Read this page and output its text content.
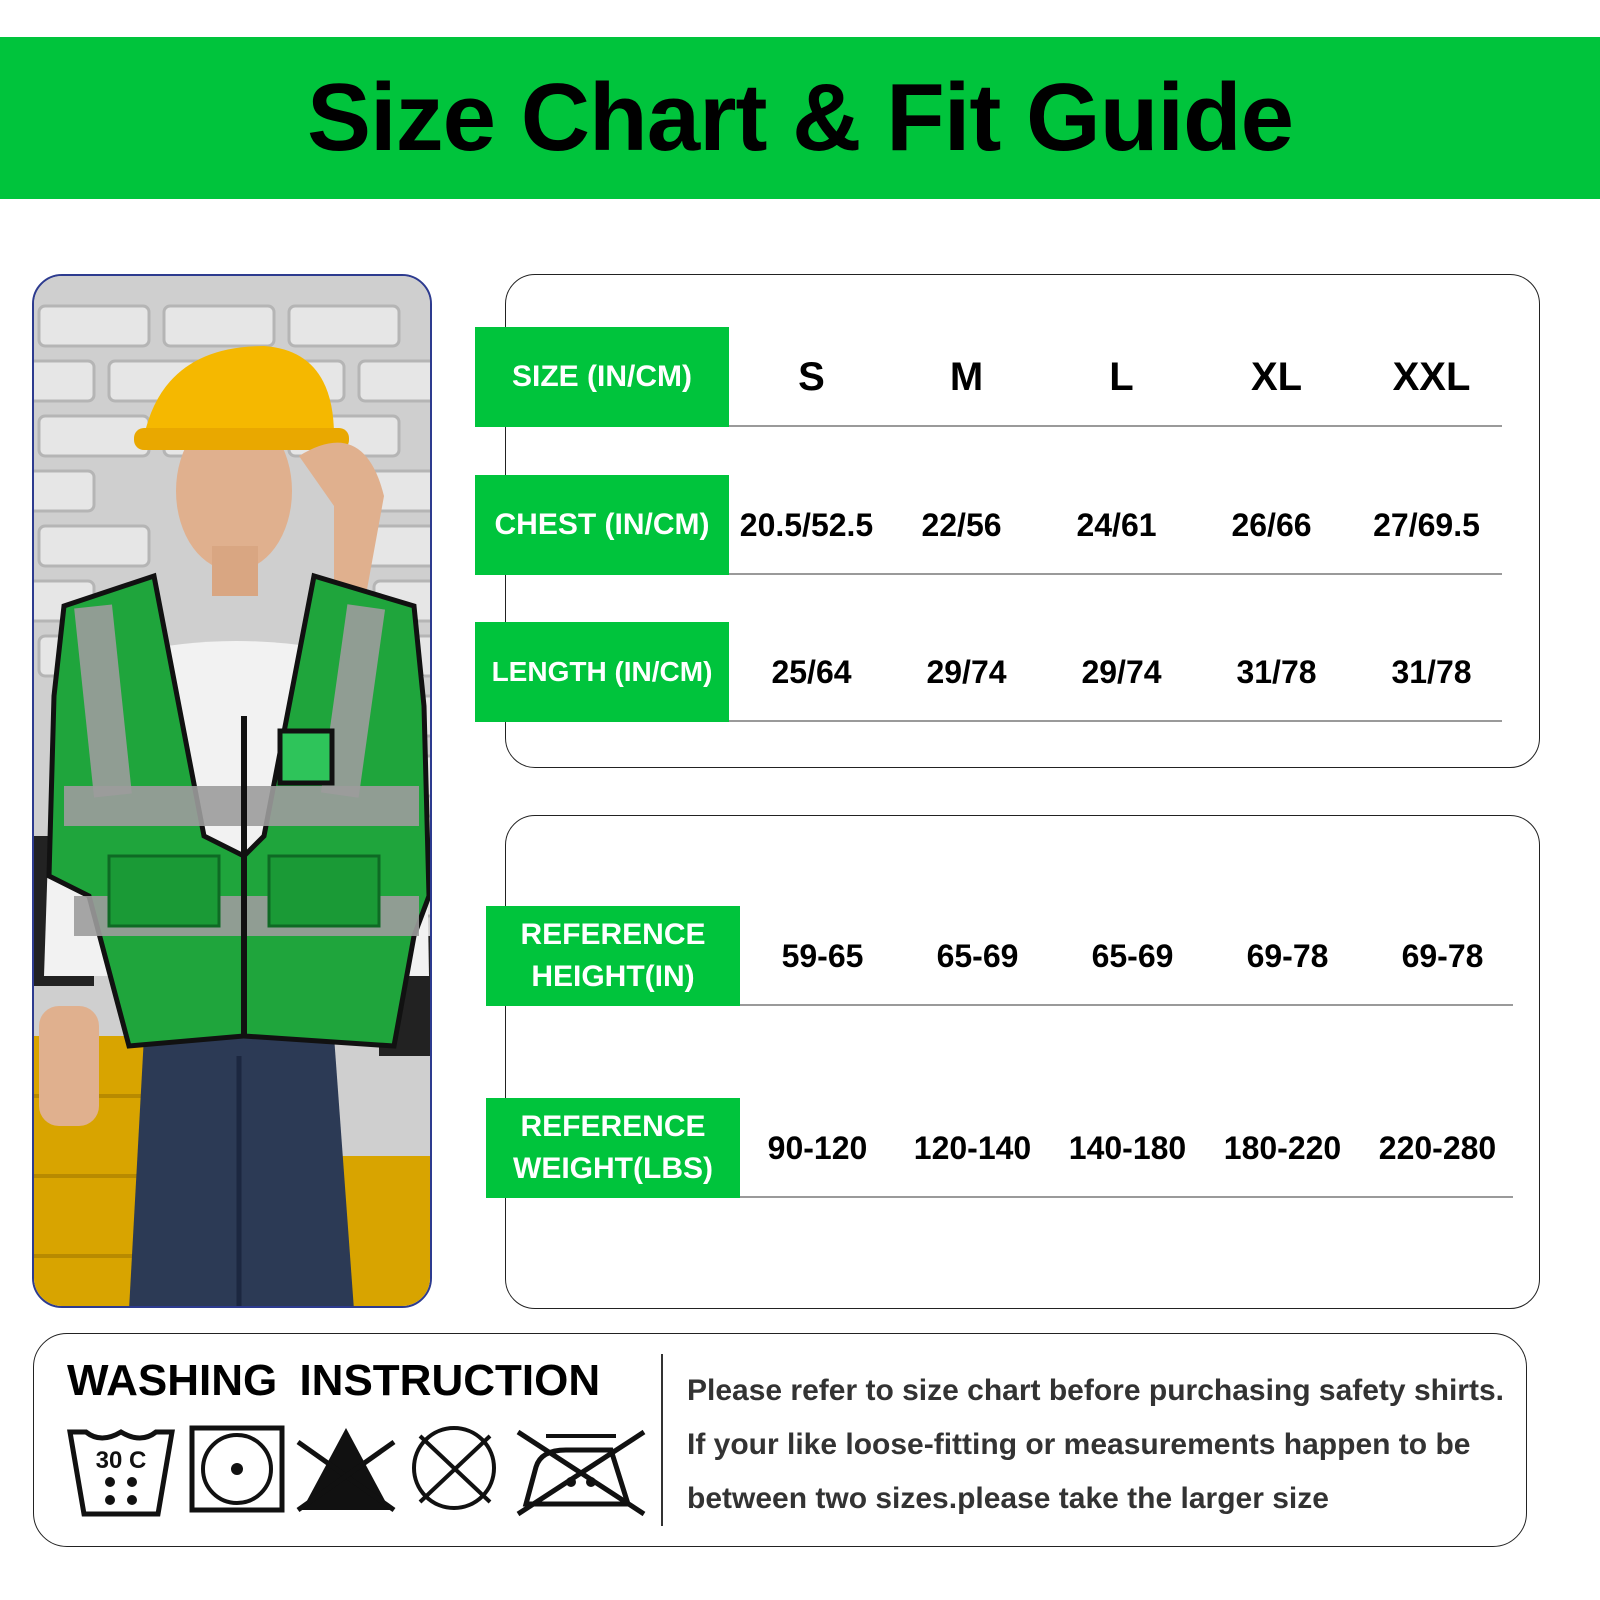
Size Chart & Fit Guide
SIZE (IN/CM)	S	M	L	XL	XXL
CHEST (IN/CM) 20.5/52.5	22/56	24/61	26/66	27/69.5
LENGTH (IN/CM)	25/64	29/74	29/74	31/78	31/78
REFERENCE
HEIGHT(IN)
59-65	65-69	65-69	69-78	69-78
REFERENCE
WEIGHT(LBS)
90-120	120-140	140-180	180-220	220-280
WASHING INSTRUCTION
30 C

Please refer to size chart before purchasing safety shirts.

If your like loose-fitting or measurements happen to be

between two sizes.please take the larger size
